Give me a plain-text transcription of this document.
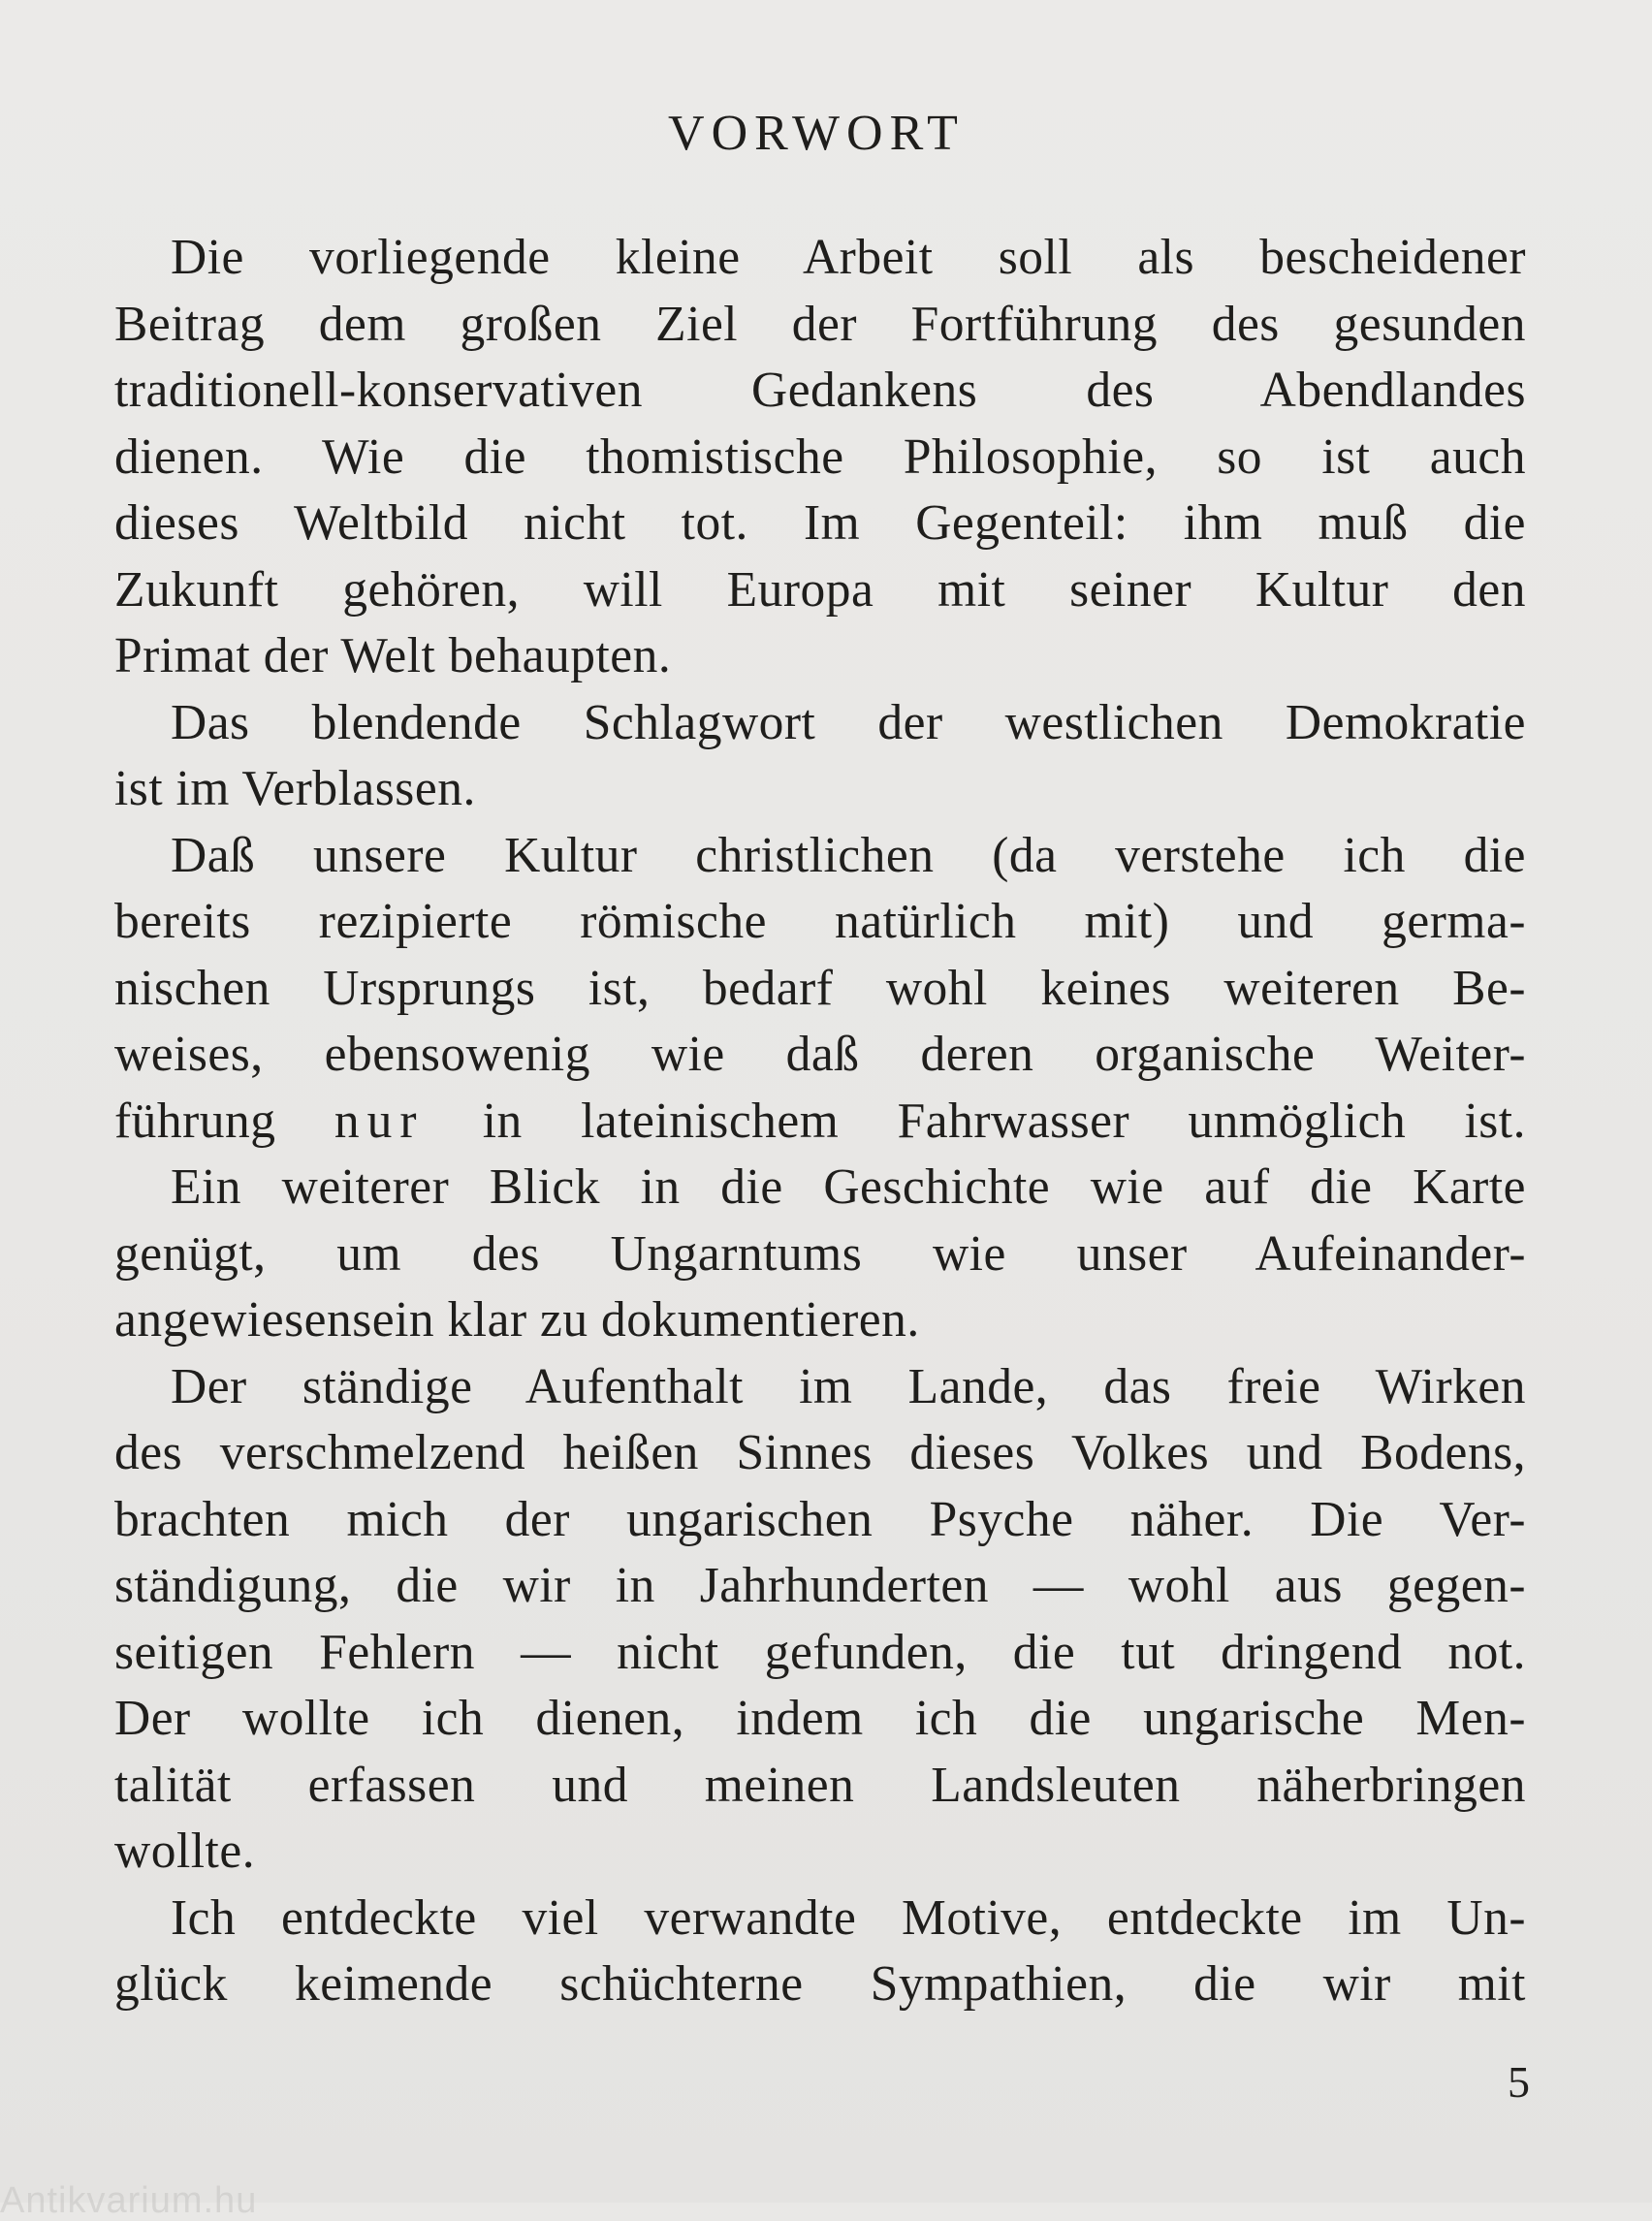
VORWORT
Die vorliegende kleine Arbeit soll als bescheidener
Beitrag dem großen Ziel der Fortführung des gesunden
traditionell-konservativen Gedankens des Abendlandes
dienen. Wie die thomistische Philosophie, so ist auch
dieses Weltbild nicht tot. Im Gegenteil: ihm muß die
Zukunft gehören, will Europa mit seiner Kultur den
Primat der Welt behaupten.
Das blendende Schlagwort der westlichen Demokratie
ist im Verblassen.
Daß unsere Kultur christlichen (da verstehe ich die
bereits rezipierte römische natürlich mit) und germa-
nischen Ursprungs ist, bedarf wohl keines weiteren Be-
weises, ebensowenig wie daß deren organische Weiter-
führung nur in lateinischem Fahrwasser unmöglich ist.
Ein weiterer Blick in die Geschichte wie auf die Karte
genügt, um des Ungarntums wie unser Aufeinander-
angewiesensein klar zu dokumentieren.
Der ständige Aufenthalt im Lande, das freie Wirken
des verschmelzend heißen Sinnes dieses Volkes und Bodens,
brachten mich der ungarischen Psyche näher. Die Ver-
ständigung, die wir in Jahrhunderten — wohl aus gegen-
seitigen Fehlern — nicht gefunden, die tut dringend not.
Der wollte ich dienen, indem ich die ungarische Men-
talität erfassen und meinen Landsleuten näherbringen
wollte.
Ich entdeckte viel verwandte Motive, entdeckte im Un-
glück keimende schüchterne Sympathien, die wir mit

5

Antikvarium.hu
